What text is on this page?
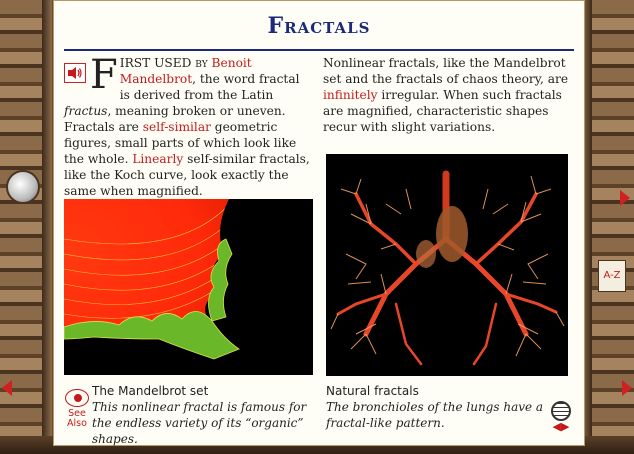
A-Z
Fractals
F IRST USED by Benoit Mandelbrot, the word fractal is derived from the Latin fractus, meaning broken or uneven. Fractals are self-similar geometric figures, small parts of which look like the whole. Linearly self-similar fractals, like the Koch curve, look exactly the same when magnified.
Nonlinear fractals, like the Mandelbrot set and the fractals of chaos theory, are infinitely irregular. When such fractals are magnified, characteristic shapes recur with slight variations.
See
Also
The Mandelbrot set
This nonlinear fractal is famous for the endless variety of its “organic” shapes.
Natural fractals
The bronchioles of the lungs have a fractal-like pattern.	◀▶
